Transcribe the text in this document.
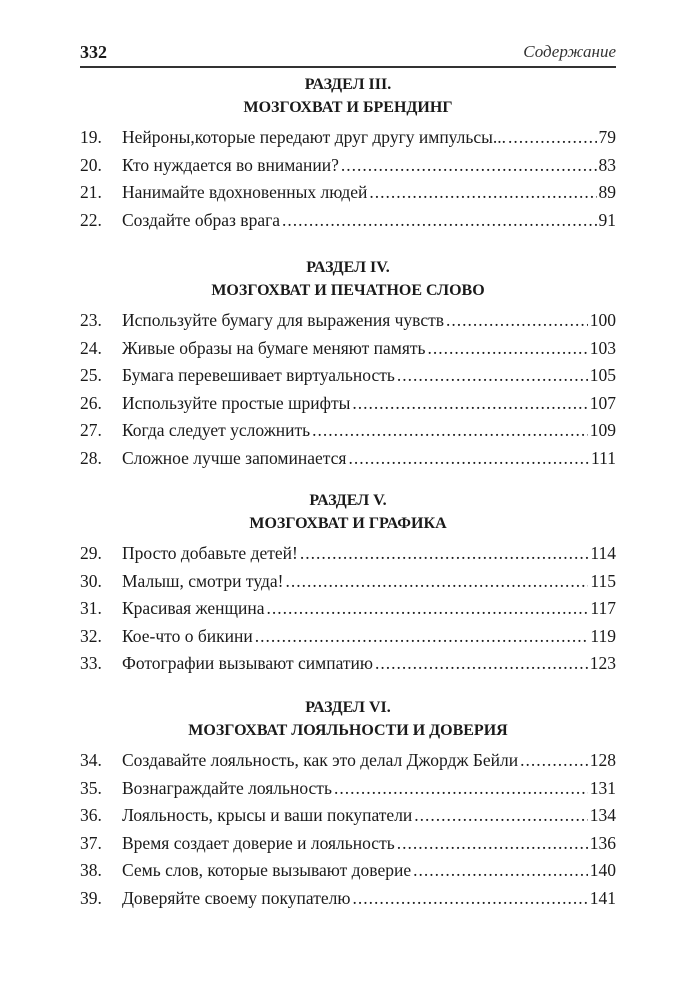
332	Содержание
РАЗДЕЛ III.
МОЗГОХВАТ И БРЕНДИНГ
19.	Нейроны,которые передают друг другу импульсы... .....	79
20.	Кто нуждается во внимании? .....	83
21.	Нанимайте вдохновенных людей .....	89
22.	Создайте образ врага .....	91
РАЗДЕЛ IV.
МОЗГОХВАТ И ПЕЧАТНОЕ СЛОВО
23.	Используйте бумагу для выражения чувств .....	100
24.	Живые образы на бумаге меняют память .....	103
25.	Бумага перевешивает виртуальность .....	105
26.	Используйте простые шрифты .....	107
27.	Когда следует усложнить .....	109
28.	Сложное лучше запоминается .....	111
РАЗДЕЛ V.
МОЗГОХВАТ И ГРАФИКА
29.	Просто добавьте детей! .....	114
30.	Малыш, смотри туда! .....	115
31.	Красивая женщина .....	117
32.	Кое-что о бикини .....	119
33.	Фотографии вызывают симпатию .....	123
РАЗДЕЛ VI.
МОЗГОХВАТ ЛОЯЛЬНОСТИ И ДОВЕРИЯ
34.	Создавайте лояльность, как это делал Джордж Бейли .....	128
35.	Вознаграждайте лояльность .....	131
36.	Лояльность, крысы и ваши покупатели .....	134
37.	Время создает доверие и лояльность .....	136
38.	Семь слов, которые вызывают доверие .....	140
39.	Доверяйте своему покупателю .....	141
